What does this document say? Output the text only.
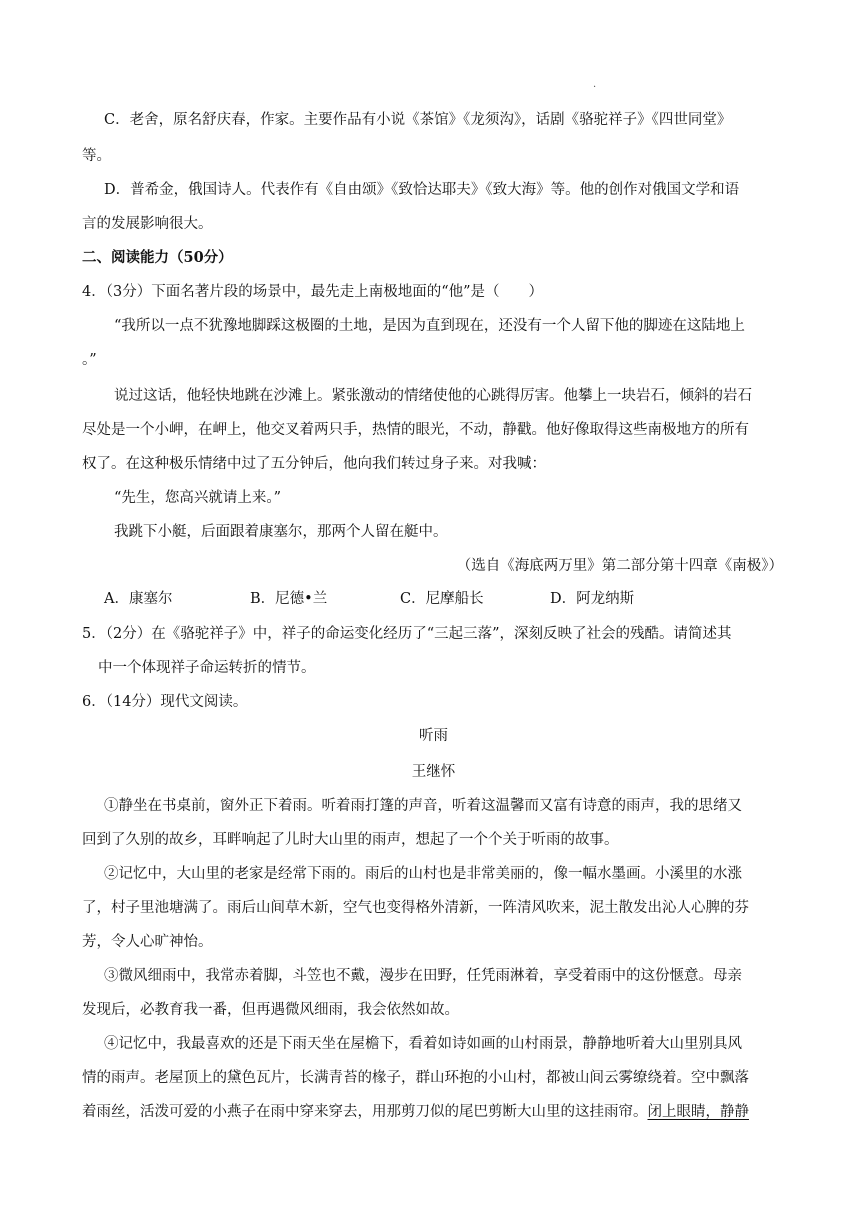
·
C．老舍，原名舒庆春，作家。主要作品有小说《茶馆》《龙须沟》，话剧《骆驼祥子》《四世同堂》
等。
D．普希金，俄国诗人。代表作有《自由颂》《致恰达耶夫》《致大海》等。他的创作对俄国文学和语
言的发展影响很大。
二、阅读能力（50分）
4．（3分）下面名著片段的场景中，最先走上南极地面的“他”是（　　）
“我所以一点不犹豫地脚踩这极圈的土地，是因为直到现在，还没有一个人留下他的脚迹在这陆地上
。”
说过这话，他轻快地跳在沙滩上。紧张激动的情绪使他的心跳得厉害。他攀上一块岩石，倾斜的岩石
尽处是一个小岬，在岬上，他交叉着两只手，热情的眼光，不动，静戳。他好像取得这些南极地方的所有
权了。在这种极乐情绪中过了五分钟后，他向我们转过身子来。对我喊：
“先生，您高兴就请上来。”
我跳下小艇，后面跟着康塞尔，那两个人留在艇中。
（选自《海底两万里》第二部分第十四章《南极》）
A．康塞尔	B．尼德•兰	C．尼摩船长	D．阿龙纳斯
5．（2分）在《骆驼祥子》中，祥子的命运变化经历了“三起三落”，深刻反映了社会的残酷。请简述其
中一个体现祥子命运转折的情节。
6．（14分）现代文阅读。
听雨
王继怀
①静坐在书桌前，窗外正下着雨。听着雨打篷的声音，听着这温馨而又富有诗意的雨声，我的思绪又
回到了久别的故乡，耳畔响起了儿时大山里的雨声，想起了一个个关于听雨的故事。
②记忆中，大山里的老家是经常下雨的。雨后的山村也是非常美丽的，像一幅水墨画。小溪里的水涨
了，村子里池塘满了。雨后山间草木新，空气也变得格外清新，一阵清风吹来，泥土散发出沁人心脾的芬
芳，令人心旷神怡。
③微风细雨中，我常赤着脚，斗笠也不戴，漫步在田野，任凭雨淋着，享受着雨中的这份惬意。母亲
发现后，必教育我一番，但再遇微风细雨，我会依然如故。
④记忆中，我最喜欢的还是下雨天坐在屋檐下，看着如诗如画的山村雨景，静静地听着大山里别具风
情的雨声。老屋顶上的黛色瓦片，长满青苔的椽子，群山环抱的小山村，都被山间云雾缭绕着。空中飘落
着雨丝，活泼可爱的小燕子在雨中穿来穿去，用那剪刀似的尾巴剪断大山里的这挂雨帘。闭上眼睛，静静
